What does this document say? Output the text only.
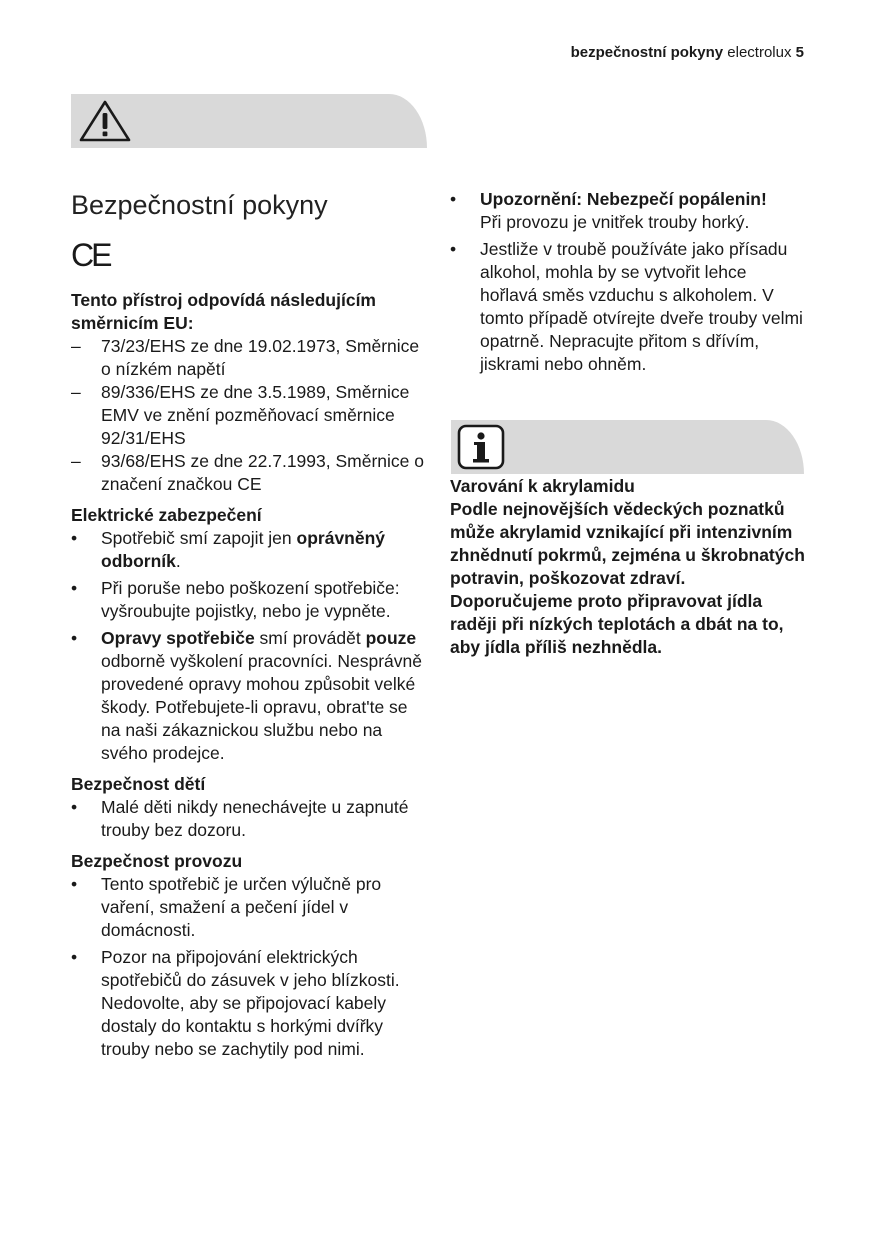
bezpečnostní pokyny electrolux 5
Bezpečnostní pokyny
CE

Tento přístroj odpovídá následujícím směrnicím EU:

– 73/23/EHS ze dne 19.02.1973, Směrnice o nízkém napětí
– 89/336/EHS ze dne 3.5.1989, Směrnice EMV ve znění pozměňovací směrnice 92/31/EHS
– 93/68/EHS ze dne 22.7.1993, Směrnice o značení značkou CE

Elektrické zabezpečení

• Spotřebič smí zapojit jen oprávněný odborník.
• Při poruše nebo poškození spotřebiče: vyšroubujte pojistky, nebo je vypněte.
• Opravy spotřebiče smí provádět pouze odborně vyškolení pracovníci. Nesprávně provedené opravy mohou způsobit velké škody. Potřebujete-li opravu, obrat'te se na naši zákaznickou službu nebo na svého prodejce.

Bezpečnost dětí

• Malé děti nikdy nenechávejte u zapnuté trouby bez dozoru.

Bezpečnost provozu

• Tento spotřebič je určen výlučně pro vaření, smažení a pečení jídel v domácnosti.
• Pozor na připojování elektrických spotřebičů do zásuvek v jeho blízkosti. Nedovolte, aby se připojovací kabely dostaly do kontaktu s horkými dvířky trouby nebo se zachytily pod nimi.
• Upozornění: Nebezpečí popálenin!
Při provozu je vnitřek trouby horký.
• Jestliže v troubě používáte jako přísadu alkohol, mohla by se vytvořit lehce hořlavá směs vzduchu s alkoholem. V tomto případě otvírejte dveře trouby velmi opatrně. Nepracujte přitom s dřívím, jiskrami nebo ohněm.

Varování k akrylamidu

Podle nejnovějších vědeckých poznatků může akrylamid vznikající při intenzivním zhnědnutí pokrmů, zejména u škrobnatých potravin, poškozovat zdraví. Doporučujeme proto připravovat jídla raději při nízkých teplotách a dbát na to, aby jídla příliš nezhnědla.
